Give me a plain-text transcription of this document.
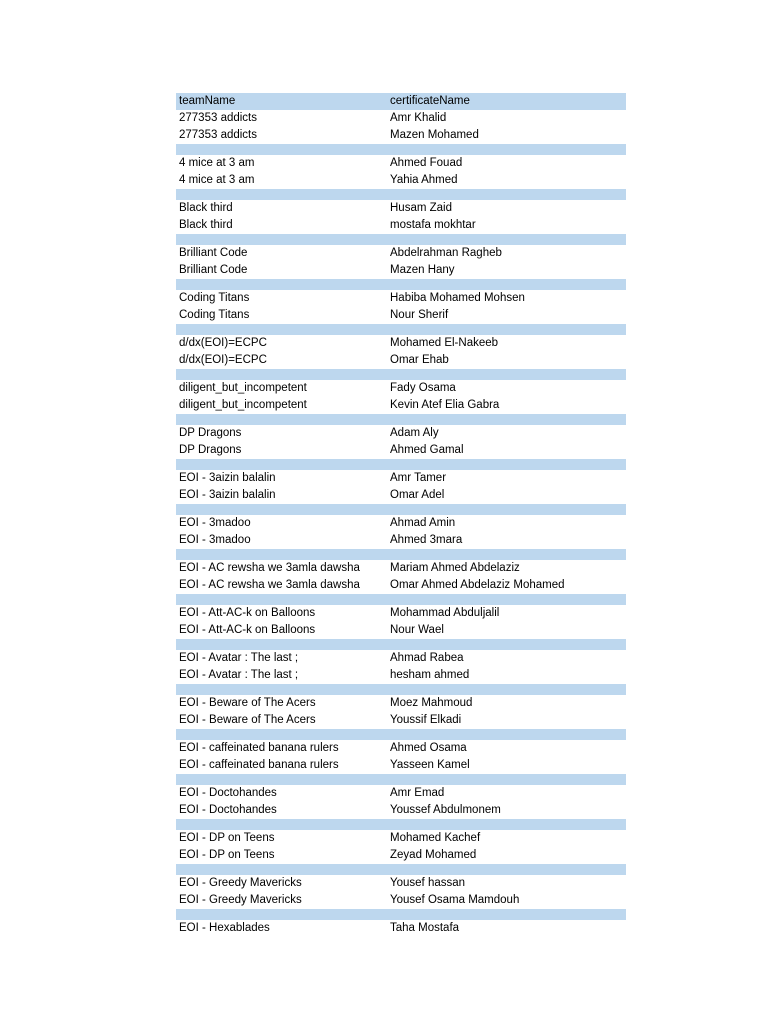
teamName	certificateName
277353 addicts	Amr Khalid
277353 addicts	Mazen Mohamed
4 mice at 3 am	Ahmed Fouad
4 mice at 3 am	Yahia Ahmed
Black third	Husam Zaid
Black third	mostafa mokhtar
Brilliant Code	Abdelrahman Ragheb
Brilliant Code	Mazen Hany
Coding Titans	Habiba Mohamed Mohsen
Coding Titans	Nour Sherif
d/dx(EOI)=ECPC	Mohamed El-Nakeeb
d/dx(EOI)=ECPC	Omar Ehab
diligent_but_incompetent	Fady Osama
diligent_but_incompetent	Kevin Atef Elia Gabra
DP Dragons	Adam Aly
DP Dragons	Ahmed Gamal
EOI - 3aizin balalin	Amr Tamer
EOI - 3aizin balalin	Omar Adel
EOI - 3madoo	Ahmad Amin
EOI - 3madoo	Ahmed 3mara
EOI - AC rewsha we 3amla dawsha	Mariam Ahmed Abdelaziz
EOI - AC rewsha we 3amla dawsha	Omar Ahmed Abdelaziz Mohamed
EOI - Att-AC-k on Balloons	Mohammad Abduljalil
EOI - Att-AC-k on Balloons	Nour Wael
EOI - Avatar : The last ;	Ahmad Rabea
EOI - Avatar : The last ;	hesham ahmed
EOI - Beware of The Acers	Moez Mahmoud
EOI - Beware of The Acers	Youssif Elkadi
EOI - caffeinated banana rulers	Ahmed Osama
EOI - caffeinated banana rulers	Yasseen Kamel
EOI - Doctohandes	Amr Emad
EOI - Doctohandes	Youssef Abdulmonem
EOI - DP on Teens	Mohamed Kachef
EOI - DP on Teens	Zeyad Mohamed
EOI - Greedy Mavericks	Yousef hassan
EOI - Greedy Mavericks	Yousef Osama Mamdouh
EOI - Hexablades	Taha Mostafa
